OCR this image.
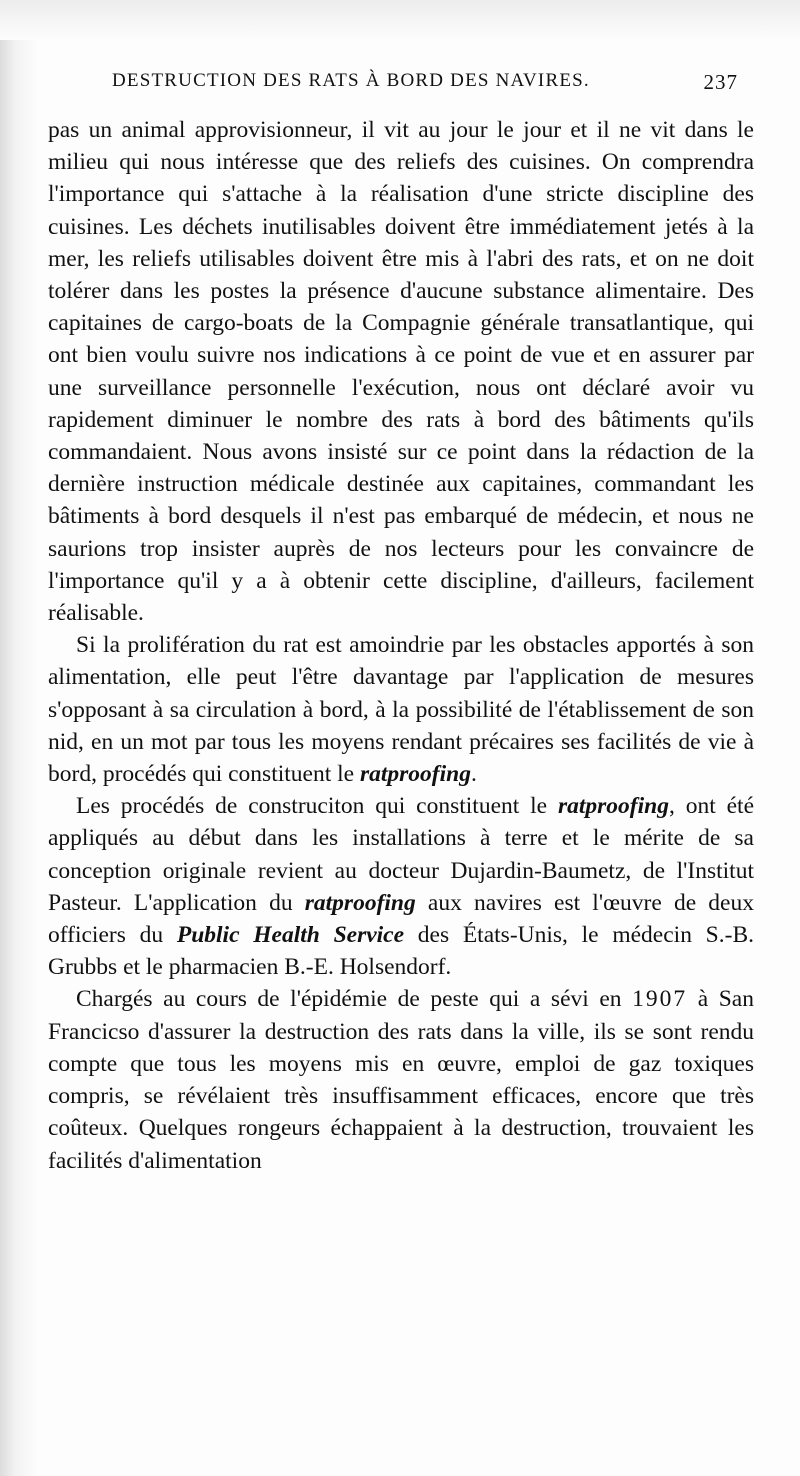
DESTRUCTION DES RATS À BORD DES NAVIRES.	237

pas un animal approvisionneur, il vit au jour le jour et il ne vit dans le milieu qui nous intéresse que des reliefs des cuisines. On comprendra l'importance qui s'attache à la réalisation d'une stricte discipline des cuisines. Les déchets inutilisables doivent être immédiatement jetés à la mer, les reliefs utilisables doivent être mis à l'abri des rats, et on ne doit tolérer dans les postes la présence d'aucune substance alimentaire. Des capitaines de cargo-boats de la Compagnie générale transatlantique, qui ont bien voulu suivre nos indications à ce point de vue et en assurer par une surveillance personnelle l'exécution, nous ont déclaré avoir vu rapidement diminuer le nombre des rats à bord des bâtiments qu'ils commandaient. Nous avons insisté sur ce point dans la rédaction de la dernière instruction médicale destinée aux capitaines, commandant les bâtiments à bord desquels il n'est pas embarqué de médecin, et nous ne saurions trop insister auprès de nos lecteurs pour les convaincre de l'importance qu'il y a à obtenir cette discipline, d'ailleurs, facilement réalisable.

Si la prolifération du rat est amoindrie par les obstacles apportés à son alimentation, elle peut l'être davantage par l'application de mesures s'opposant à sa circulation à bord, à la possibilité de l'établissement de son nid, en un mot par tous les moyens rendant précaires ses facilités de vie à bord, procédés qui constituent le ratproofing.

Les procédés de construciton qui constituent le ratproofing, ont été appliqués au début dans les installations à terre et le mérite de sa conception originale revient au docteur Dujardin-Baumetz, de l'Institut Pasteur. L'application du ratproofing aux navires est l'œuvre de deux officiers du Public Health Service des États-Unis, le médecin S.-B. Grubbs et le pharmacien B.-E. Holsendorf.

Chargés au cours de l'épidémie de peste qui a sévi en 1907 à San Francicso d'assurer la destruction des rats dans la ville, ils se sont rendu compte que tous les moyens mis en œuvre, emploi de gaz toxiques compris, se révélaient très insuffisamment efficaces, encore que très coûteux. Quelques rongeurs échappaient à la destruction, trouvaient les facilités d'alimentation
